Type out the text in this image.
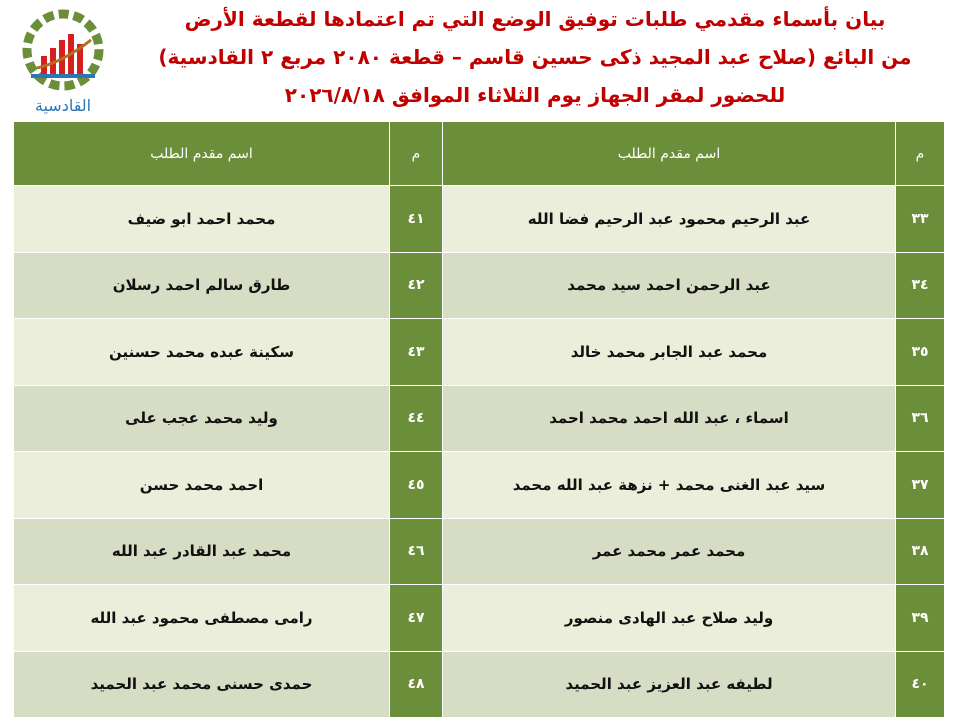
القادسية
بيان بأسماء مقدمي طلبات توفيق الوضع التي تم اعتمادها لقطعة الأرض
من البائع (صلاح عبد المجيد ذكى حسين قاسم – قطعة ٢٠٨٠ مربع ٢ القادسية)
للحضور لمقر الجهاز يوم الثلاثاء الموافق ٢٠٢٦/٨/١٨
م	اسم مقدم الطلب	م	اسم مقدم الطلب
٣٣	عبد الرحيم محمود عبد الرحيم فضا الله	٤١	محمد احمد ابو ضيف
٣٤	عبد الرحمن احمد سيد محمد	٤٢	طارق سالم احمد رسلان
٣٥	محمد عبد الجابر محمد خالد	٤٣	سكينة عبده محمد حسنين
٣٦	اسماء ، عبد الله احمد محمد احمد	٤٤	وليد محمد عجب على
٣٧	سيد عبد الغنى محمد + نزهة عبد الله محمد	٤٥	احمد محمد حسن
٣٨	محمد عمر محمد عمر	٤٦	محمد عبد القادر عبد الله
٣٩	وليد صلاح عبد الهادى منصور	٤٧	رامى مصطفى محمود عبد الله
٤٠	لطيفه عبد العزيز عبد الحميد	٤٨	حمدى حسنى محمد عبد الحميد
